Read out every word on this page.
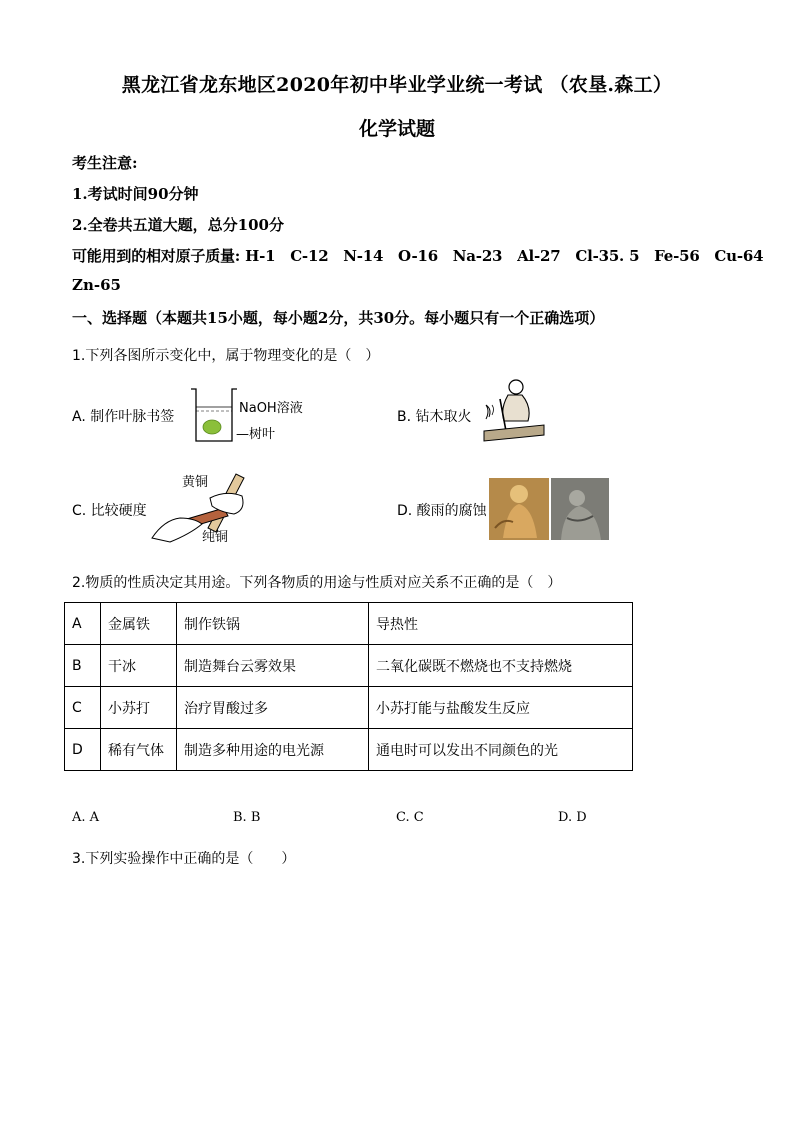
黑龙江省龙东地区2020年初中毕业学业统一考试 （农垦.森工）
化学试题
考生注意:
1.考试时间90分钟
2.全卷共五道大题，总分100分
可能用到的相对原子质量: H-1　C-12　N-14　O-16　Na-23　Al-27　Cl-35. 5　Fe-56　Cu-64
Zn-65
一、选择题（本题共15小题，每小题2分，共30分。每小题只有一个正确选项）
1.下列各图所示变化中，属于物理变化的是（　）
A. 制作叶脉书签
NaOH溶液
—树叶
B. 钻木取火
C. 比较硬度
黄铜
纯铜
D. 酸雨的腐蚀
2.物质的性质决定其用途。下列各物质的用途与性质对应关系不正确的是（　）
A	金属铁	制作铁锅	导热性
B	干冰	制造舞台云雾效果	二氧化碳既不燃烧也不支持燃烧
C	小苏打	治疗胃酸过多	小苏打能与盐酸发生反应
D	稀有气体	制造多种用途的电光源	通电时可以发出不同颜色的光
A. A	B. B	C. C	D. D
3.下列实验操作中正确的是（　　）
